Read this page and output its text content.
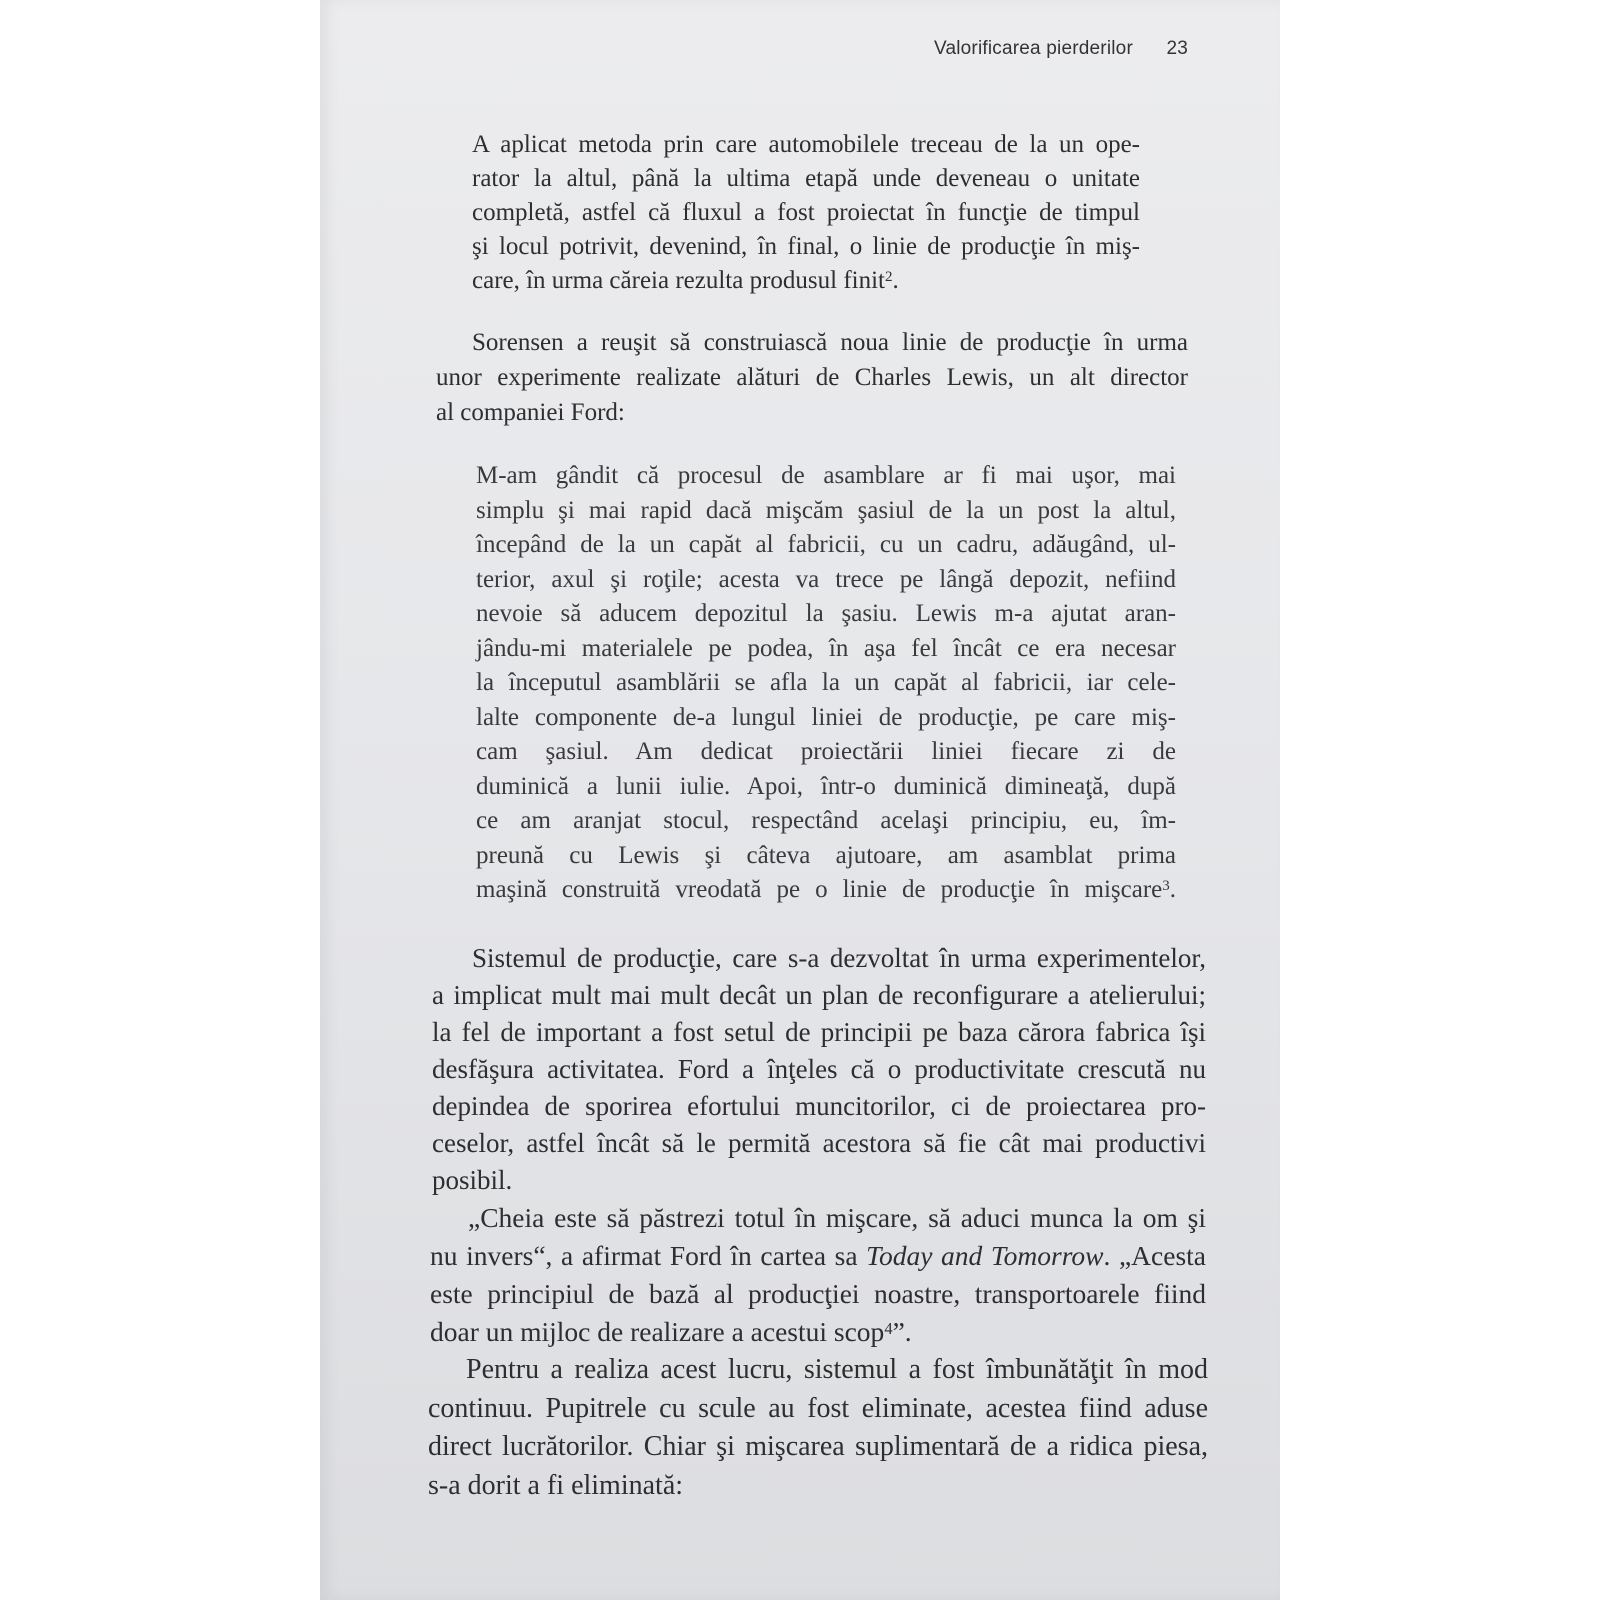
Valorificarea pierderilor 23

A aplicat metoda prin care automobilele treceau de la un ope-
rator la altul, până la ultima etapă unde deveneau o unitate
completă, astfel că fluxul a fost proiectat în funcţie de timpul
şi locul potrivit, devenind, în final, o linie de producţie în miş-
care, în urma căreia rezulta produsul finit$^2$.

Sorensen a reuşit să construiască noua linie de producţie în urma
unor experimente realizate alături de Charles Lewis, un alt director
al companiei Ford:

M-am gândit că procesul de asamblare ar fi mai uşor, mai
simplu şi mai rapid dacă mişcăm şasiul de la un post la altul,
începând de la un capăt al fabricii, cu un cadru, adăugând, ul-
terior, axul şi roţile; acesta va trece pe lângă depozit, nefiind
nevoie să aducem depozitul la şasiu. Lewis m-a ajutat aran-
jându-mi materialele pe podea, în aşa fel încât ce era necesar
la începutul asamblării se afla la un capăt al fabricii, iar cele-
lalte componente de-a lungul liniei de producţie, pe care miş-
cam şasiul. Am dedicat proiectării liniei fiecare zi de
duminică a lunii iulie. Apoi, într-o duminică dimineaţă, după
ce am aranjat stocul, respectând acelaşi principiu, eu, îm-
preună cu Lewis şi câteva ajutoare, am asamblat prima
maşină construită vreodată pe o linie de producţie în mişcare$^3$.

Sistemul de producţie, care s-a dezvoltat în urma experimentelor,
a implicat mult mai mult decât un plan de reconfigurare a atelierului;
la fel de important a fost setul de principii pe baza cărora fabrica îşi
desfăşura activitatea. Ford a înţeles că o productivitate crescută nu
depindea de sporirea efortului muncitorilor, ci de proiectarea pro-
ceselor, astfel încât să le permită acestora să fie cât mai productivi
posibil.

„Cheia este să păstrezi totul în mişcare, să aduci munca la om şi
nu invers“, a afirmat Ford în cartea sa Today and Tomorrow. „Acesta
este principiul de bază al producţiei noastre, transportoarele fiind
doar un mijloc de realizare a acestui scop$^4$”.

Pentru a realiza acest lucru, sistemul a fost îmbunătăţit în mod
continuu. Pupitrele cu scule au fost eliminate, acestea fiind aduse
direct lucrătorilor. Chiar şi mişcarea suplimentară de a ridica piesa,
s-a dorit a fi eliminată:
